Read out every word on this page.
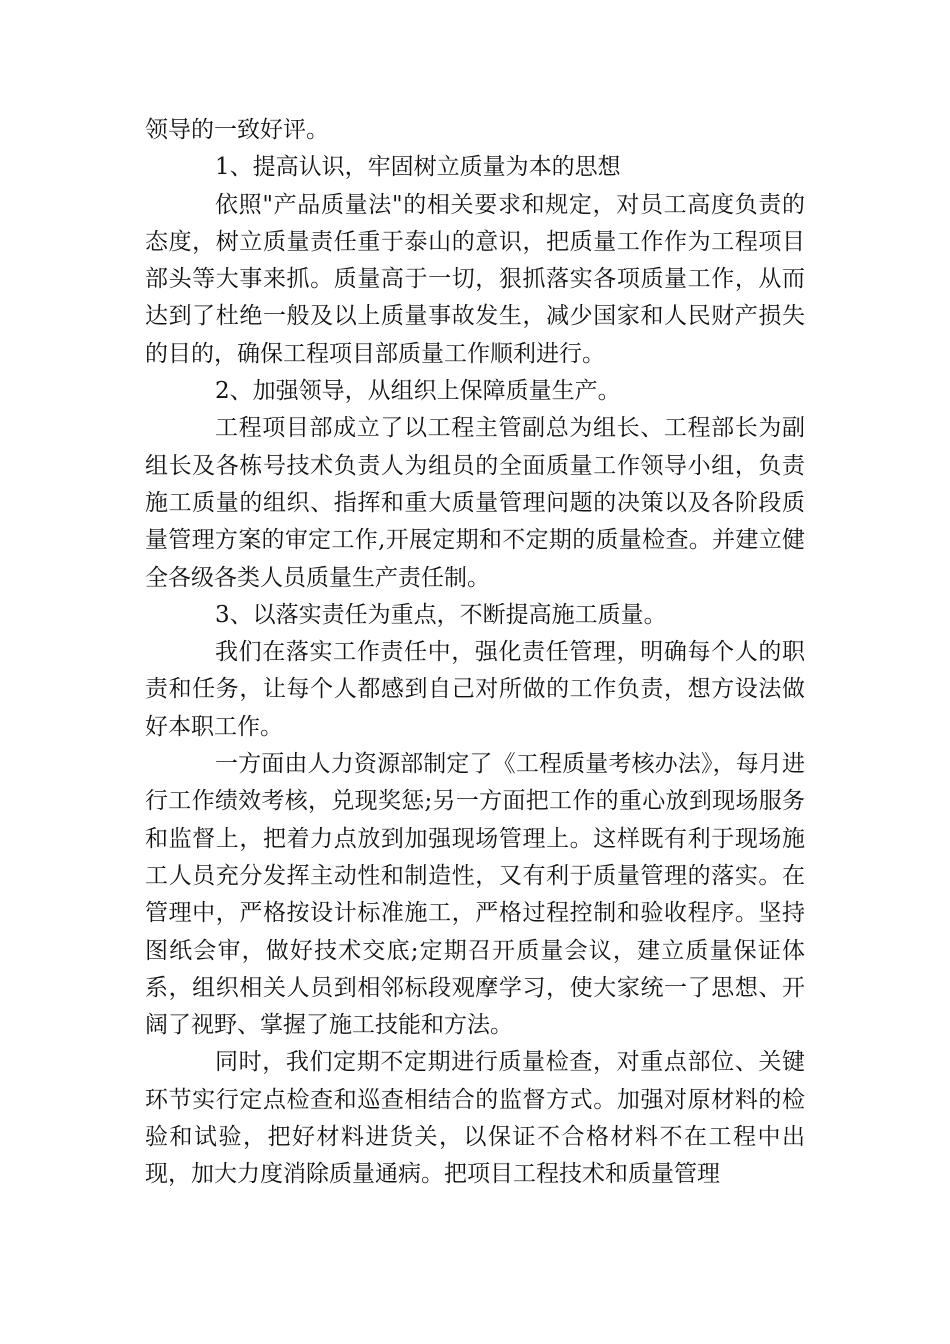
领导的一致好评。

1、提高认识，牢固树立质量为本的思想

依照"产品质量法"的相关要求和规定，对员工高度负责的态度，树立质量责任重于泰山的意识，把质量工作作为工程项目部头等大事来抓。质量高于一切，狠抓落实各项质量工作，从而达到了杜绝一般及以上质量事故发生，减少国家和人民财产损失的目的，确保工程项目部质量工作顺利进行。

2、加强领导，从组织上保障质量生产。

工程项目部成立了以工程主管副总为组长、工程部长为副组长及各栋号技术负责人为组员的全面质量工作领导小组，负责施工质量的组织、指挥和重大质量管理问题的决策以及各阶段质量管理方案的审定工作,开展定期和不定期的质量检查。并建立健全各级各类人员质量生产责任制。

3、以落实责任为重点，不断提高施工质量。

我们在落实工作责任中，强化责任管理，明确每个人的职责和任务，让每个人都感到自己对所做的工作负责，想方设法做好本职工作。

一方面由人力资源部制定了《工程质量考核办法》，每月进行工作绩效考核，兑现奖惩;另一方面把工作的重心放到现场服务和监督上，把着力点放到加强现场管理上。这样既有利于现场施工人员充分发挥主动性和制造性，又有利于质量管理的落实。在管理中，严格按设计标准施工，严格过程控制和验收程序。坚持图纸会审，做好技术交底;定期召开质量会议，建立质量保证体系，组织相关人员到相邻标段观摩学习，使大家统一了思想、开阔了视野、掌握了施工技能和方法。

同时，我们定期不定期进行质量检查，对重点部位、关键环节实行定点检查和巡查相结合的监督方式。加强对原材料的检验和试验，把好材料进货关，以保证不合格材料不在工程中出现，加大力度消除质量通病。把项目工程技术和质量管理
